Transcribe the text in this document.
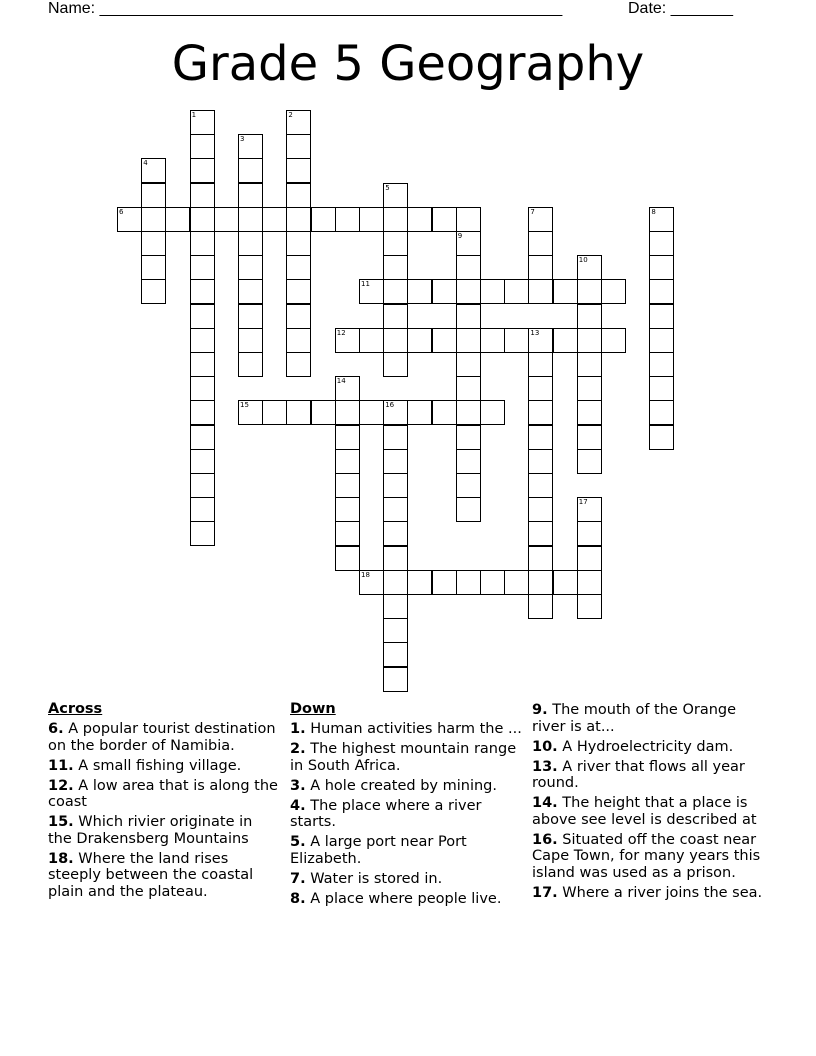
Name: ____________________________________________________	Date: _______
Grade 5 Geography
1	2
3
4
5
6	7	8
9
10
11
12	13
14
15	16
17
18
Across
6. A popular tourist destination on the border of Namibia.
11. A small fishing village.
12. A low area that is along the coast
15. Which rivier originate in the Drakensberg Mountains
18. Where the land rises steeply between the coastal plain and the plateau.
Down
1. Human activities harm the ...
2. The highest mountain range in South Africa.
3. A hole created by mining.
4. The place where a river starts.
5. A large port near Port Elizabeth.
7. Water is stored in.
8. A place where people live.
9. The mouth of the Orange river is at...
10. A Hydroelectricity dam.
13. A river that flows all year round.
14. The height that a place is above see level is described at
16. Situated off the coast near Cape Town, for many years this island was used as a prison.
17. Where a river joins the sea.
